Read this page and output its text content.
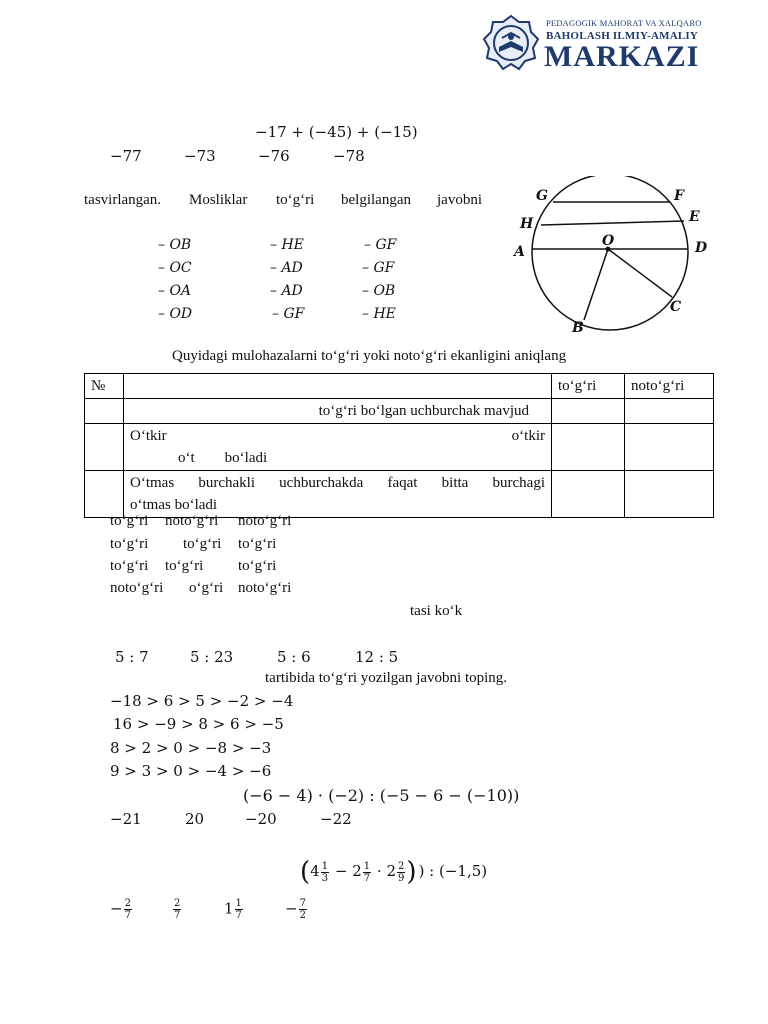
PEDAGOGIK MAHORAT VA XALQARO
BAHOLASH ILMIY-AMALIY
MARKAZI
−17 + (−45) + (−15)
−77	−73	−76	−78
tasvirlangan. Mosliklar to‘g‘ri belgilangan javobni
– OB	– HE	– GF
– OC	– AD	– GF
– OA	– AD	– OB
– OD	– GF	– HE
G	F
H	E
A
O	D
C
B
Quyidagi mulohazalarni to‘g‘ri yoki noto‘g‘ri ekanligini aniqlang
№		to‘g‘ri	noto‘g‘ri
	to‘g‘ri bo‘lgan uchburchak mavjud		

	O‘tkir o‘tkir
o‘t bo‘ladi		

	O‘tmas burchakli uchburchakda faqat bitta burchagi
o‘tmas bo‘ladi		

to‘g‘ri noto‘g‘ri noto‘g‘ri
to‘g‘ri to‘g‘ri to‘g‘ri
to‘g‘ri to‘g‘ri to‘g‘ri
noto‘g‘ri o‘g‘ri noto‘g‘ri
tasi ko‘k
5 : 7	5 : 23	5 : 6	12 : 5
tartibida to‘g‘ri yozilgan javobni toping.
−18 > 6 > 5 > −2 > −4
16 > −9 > 8 > 6 > −5
8 > 2 > 0 > −8 > −3
9 > 3 > 0 > −4 > −6
(−6 − 4) · (−2) : (−5 − 6 − (−10))
−21	20	−20	−22
($4 \frac{1}{3} - 2 \frac{1}{7} \cdot 2 \frac{2}{9}$ ) ) : (−1,5)
− $\frac{2}{7}$	$\frac{2}{7}$	$1 \frac{1}{7}$	− $\frac{7}{2}$
